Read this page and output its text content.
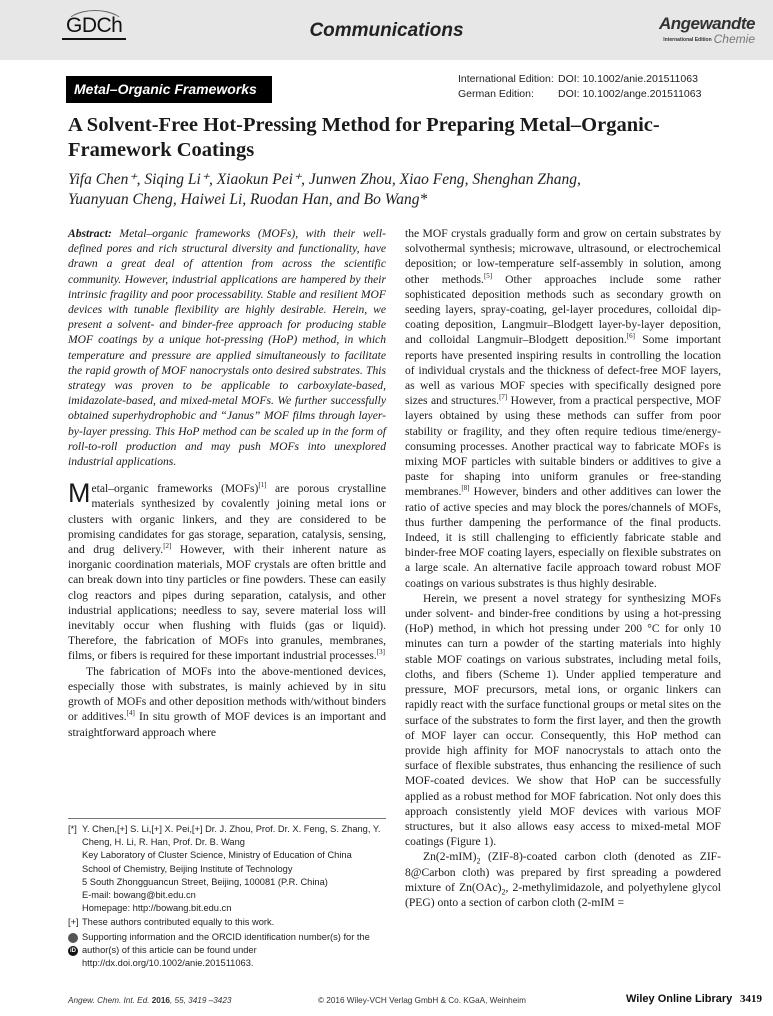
GDCh	Communications	Angewandte
International Edition Chemie
Metal–Organic Frameworks
International Edition: DOI: 10.1002/anie.201511063
German Edition: DOI: 10.1002/ange.201511063
A Solvent-Free Hot-Pressing Method for Preparing Metal–Organic-Framework Coatings
Yifa Chen⁺, Siqing Li⁺, Xiaokun Pei⁺, Junwen Zhou, Xiao Feng, Shenghan Zhang,
Yuanyuan Cheng, Haiwei Li, Ruodan Han, and Bo Wang*

Abstract: Metal–organic frameworks (MOFs), with their well-defined pores and rich structural diversity and functionality, have drawn a great deal of attention from across the scientific community. However, industrial applications are hampered by their intrinsic fragility and poor processability. Stable and resilient MOF devices with tunable flexibility are highly desirable. Herein, we present a solvent- and binder-free approach for producing stable MOF coatings by a unique hot-pressing (HoP) method, in which temperature and pressure are applied simultaneously to facilitate the rapid growth of MOF nanocrystals onto desired substrates. This strategy was proven to be applicable to carboxylate-based, imidazolate-based, and mixed-metal MOFs. We further successfully obtained superhydrophobic and “Janus” MOF films through layer-by-layer pressing. This HoP method can be scaled up in the form of roll-to-roll production and may push MOFs into unexplored industrial applications.

Metal–organic frameworks (MOFs)[1] are porous crystalline materials synthesized by covalently joining metal ions or clusters with organic linkers, and they are considered to be promising candidates for gas storage, separation, catalysis, sensing, and drug delivery.[2] However, with their inherent nature as inorganic coordination materials, MOF crystals are often brittle and can break down into tiny particles or fine powders. These can easily clog reactors and pipes during separation, catalysis, and other industrial applications; needless to say, severe material loss will inevitably occur when flushing with fluids (gas or liquid). Therefore, the fabrication of MOFs into granules, membranes, films, or fibers is required for these important industrial processes.[3]

The fabrication of MOFs into the above-mentioned devices, especially those with substrates, is mainly achieved by in situ growth of MOFs and other deposition methods with/without binders or additives.[4] In situ growth of MOF devices is an important and straightforward approach where

the MOF crystals gradually form and grow on certain substrates by solvothermal synthesis; microwave, ultrasound, or electrochemical deposition; or low-temperature self-assembly in solution, among other methods.[5] Other approaches include some rather sophisticated deposition methods such as secondary growth on seeding layers, spray-coating, gel-layer procedures, colloidal dip-coating deposition, Langmuir–Blodgett layer-by-layer deposition, and colloidal Langmuir–Blodgett deposition.[6] Some important reports have presented inspiring results in controlling the location of individual crystals and the thickness of defect-free MOF layers, as well as various MOF species with specifically designed pore sizes and structures.[7] However, from a practical perspective, MOF layers obtained by using these methods can suffer from poor stability or fragility, and they often require tedious time/energy-consuming processes. Another practical way to fabricate MOFs is mixing MOF particles with suitable binders or additives to give a paste for shaping into uniform granules or free-standing membranes.[8] However, binders and other additives can lower the ratio of active species and may block the pores/channels of MOFs, thus further dampening the performance of the final products. Indeed, it is still challenging to efficiently fabricate stable and binder-free MOF coating layers, especially on flexible substrates on a large scale. An alternative facile approach toward robust MOF coatings on various substrates is thus highly desirable.

Herein, we present a novel strategy for synthesizing MOFs under solvent- and binder-free conditions by using a hot-pressing (HoP) method, in which hot pressing under 200 °C for only 10 minutes can turn a powder of the starting materials into highly stable MOF coatings on various substrates, including metal foils, cloths, and fibers (Scheme 1). Under applied temperature and pressure, MOF precursors, metal ions, or organic linkers can rapidly react with the surface functional groups or metal sites on the surface of the substrates to form the first layer, and then the growth of MOF layer can occur. Consequently, this HoP method can provide high affinity for MOF nanocrystals to attach onto the surface of flexible substrates, thus enhancing the resilience of such MOF-coated devices. We show that HoP can be successfully applied as a robust method for MOF fabrication. Not only does this approach consistently yield MOF devices with various MOF structures, but it also allows easy access to mixed-metal MOF coatings (Figure 1).

$Zn(2-mIM)_2$ (ZIF-8)-coated carbon cloth (denoted as ZIF-8@Carbon cloth) was prepared by first spreading a powdered mixture of $Zn(OAc)_2$, 2-methylimidazole, and polyethylene glycol (PEG) onto a section of carbon cloth (2-mIM =

[*] Y. Chen,[+] S. Li,[+] X. Pei,[+] Dr. J. Zhou, Prof. Dr. X. Feng, S. Zhang, Y. Cheng, H. Li, R. Han, Prof. Dr. B. Wang
Key Laboratory of Cluster Science, Ministry of Education of China
School of Chemistry, Beijing Institute of Technology
5 South Zhongguancun Street, Beijing, 100081 (P.R. China)
E-mail: bowang@bit.edu.cn
Homepage: http://bowang.bit.edu.cn
[+] These authors contributed equally to this work.
iD
Supporting information and the ORCID identification number(s) for the author(s) of this article can be found under http://dx.doi.org/10.1002/anie.201511063.
Angew. Chem. Int. Ed. 2016, 55, 3419 –3423	© 2016 Wiley-VCH Verlag GmbH & Co. KGaA, Weinheim	Wiley Online Library 3419
